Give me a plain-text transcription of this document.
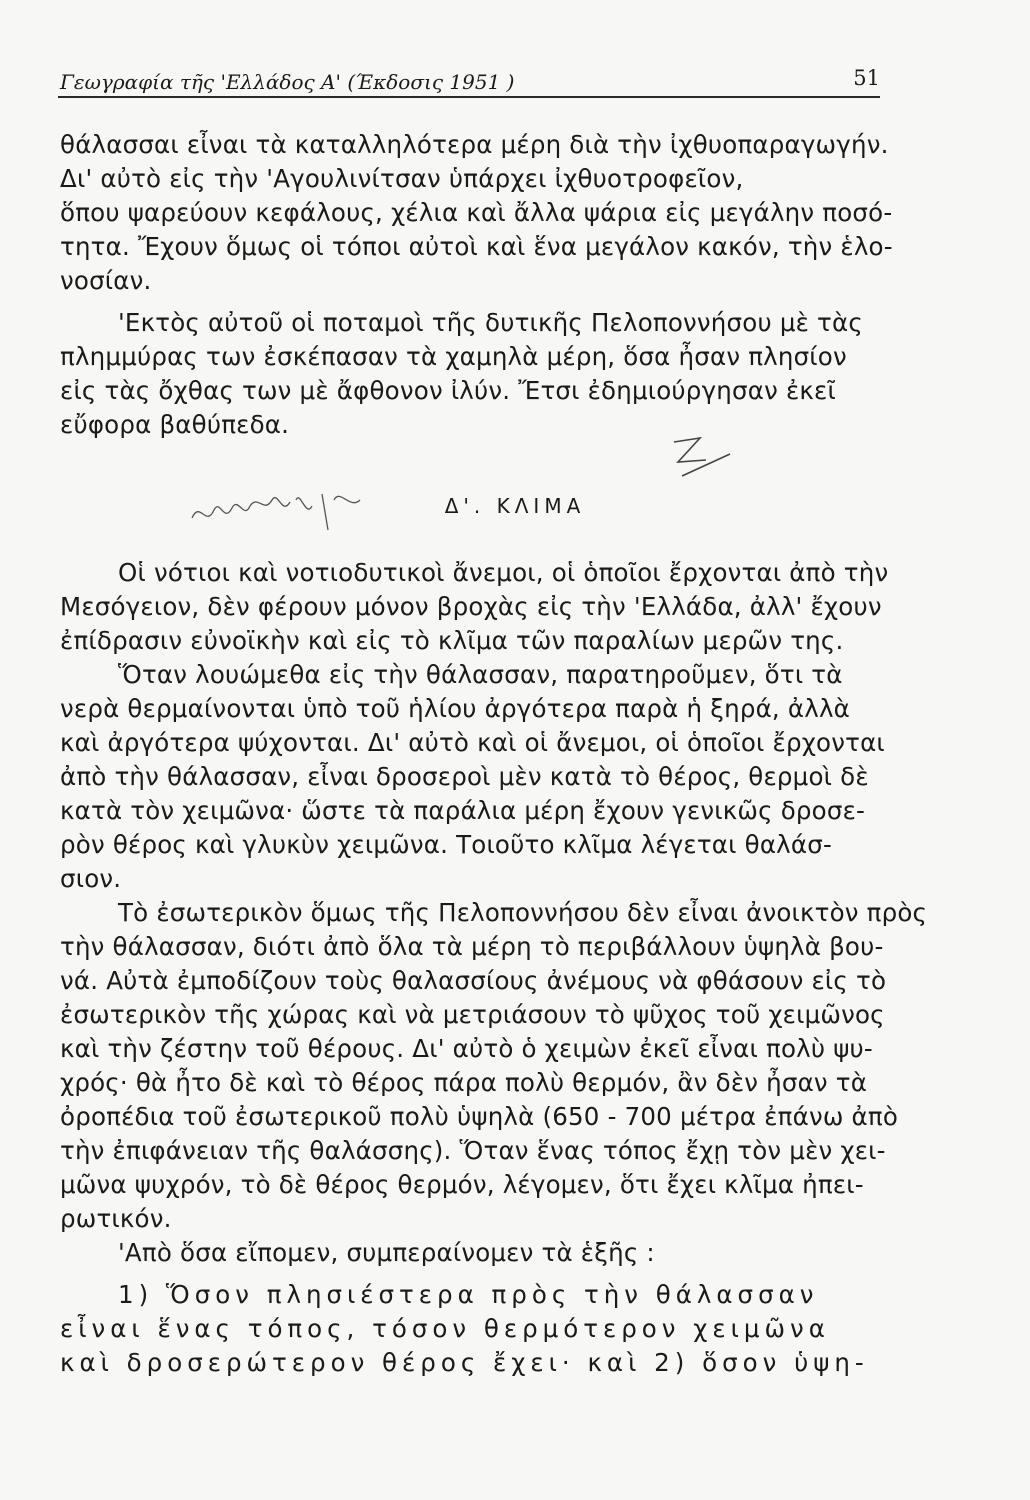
Γεωγραφία τῆς 'Ελλάδος Α' (Έκδοσις 1951 )	51
θάλασσαι εἶναι τὰ καταλληλότερα μέρη διὰ τὴν ἰχθυοπαραγωγήν.
Δι' αὐτὸ εἰς τὴν 'Αγουλινίτσαν ὑπάρχει ἰχθυοτροφεῖον,
ὅπου ψαρεύουν κεφάλους, χέλια καὶ ἄλλα ψάρια εἰς μεγάλην ποσό-
τητα. Ἔχουν ὅμως οἱ τόποι αὐτοὶ καὶ ἕνα μεγάλον κακόν, τὴν ἑλο-
νοσίαν.
'Εκτὸς αὐτοῦ οἱ ποταμοὶ τῆς δυτικῆς Πελοποννήσου μὲ τὰς
πλημμύρας των ἐσκέπασαν τὰ χαμηλὰ μέρη, ὅσα ἦσαν πλησίον
εἰς τὰς ὄχθας των μὲ ἄφθονον ἰλύν. Ἔτσι ἐδημιούργησαν ἐκεῖ
εὔφορα βαθύπεδα.
Οἱ νότιοι καὶ νοτιοδυτικοὶ ἄνεμοι, οἱ ὁποῖοι ἔρχονται ἀπὸ τὴν
Μεσόγειον, δὲν φέρουν μόνον βροχὰς εἰς τὴν 'Ελλάδα, ἀλλ' ἔχουν
ἐπίδρασιν εὐνοϊκὴν καὶ εἰς τὸ κλῖμα τῶν παραλίων μερῶν της.
Ὅταν λουώμεθα εἰς τὴν θάλασσαν, παρατηροῦμεν, ὅτι τὰ
νερὰ θερμαίνονται ὑπὸ τοῦ ἡλίου ἀργότερα παρὰ ἡ ξηρά, ἀλλὰ
καὶ ἀργότερα ψύχονται. Δι' αὐτὸ καὶ οἱ ἄνεμοι, οἱ ὁποῖοι ἔρχονται
ἀπὸ τὴν θάλασσαν, εἶναι δροσεροὶ μὲν κατὰ τὸ θέρος, θερμοὶ δὲ
κατὰ τὸν χειμῶνα· ὥστε τὰ παράλια μέρη ἔχουν γενικῶς δροσε-
ρὸν θέρος καὶ γλυκὺν χειμῶνα. Τοιοῦτο κλῖμα λέγεται θαλάσ-
σιον.
Τὸ ἐσωτερικὸν ὅμως τῆς Πελοποννήσου δὲν εἶναι ἀνοικτὸν πρὸς
τὴν θάλασσαν, διότι ἀπὸ ὅλα τὰ μέρη τὸ περιβάλλουν ὑψηλὰ βου-
νά. Αὐτὰ ἐμποδίζουν τοὺς θαλασσίους ἀνέμους νὰ φθάσουν εἰς τὸ
ἐσωτερικὸν τῆς χώρας καὶ νὰ μετριάσουν τὸ ψῦχος τοῦ χειμῶνος
καὶ τὴν ζέστην τοῦ θέρους. Δι' αὐτὸ ὁ χειμὼν ἐκεῖ εἶναι πολὺ ψυ-
χρός· θὰ ἦτο δὲ καὶ τὸ θέρος πάρα πολὺ θερμόν, ἂν δὲν ἦσαν τὰ
ὀροπέδια τοῦ ἐσωτερικοῦ πολὺ ὑψηλὰ (650 - 700 μέτρα ἐπάνω ἀπὸ
τὴν ἐπιφάνειαν τῆς θαλάσσης). Ὅταν ἕνας τόπος ἔχῃ τὸν μὲν χει-
μῶνα ψυχρόν, τὸ δὲ θέρος θερμόν, λέγομεν, ὅτι ἔχει κλῖμα ἠπει-
ρωτικόν.
'Απὸ ὅσα εἴπομεν, συμπεραίνομεν τὰ ἑξῆς :
1) Ὅσον πλησιέστερα πρὸς τὴν θάλασσαν
εἶναι ἕνας τόπος, τόσον θερμότερον χειμῶνα
καὶ δροσερώτερον θέρος ἔχει· καὶ 2) ὅσον ὑψη-
Δ'. ΚΛΙΜΑ
